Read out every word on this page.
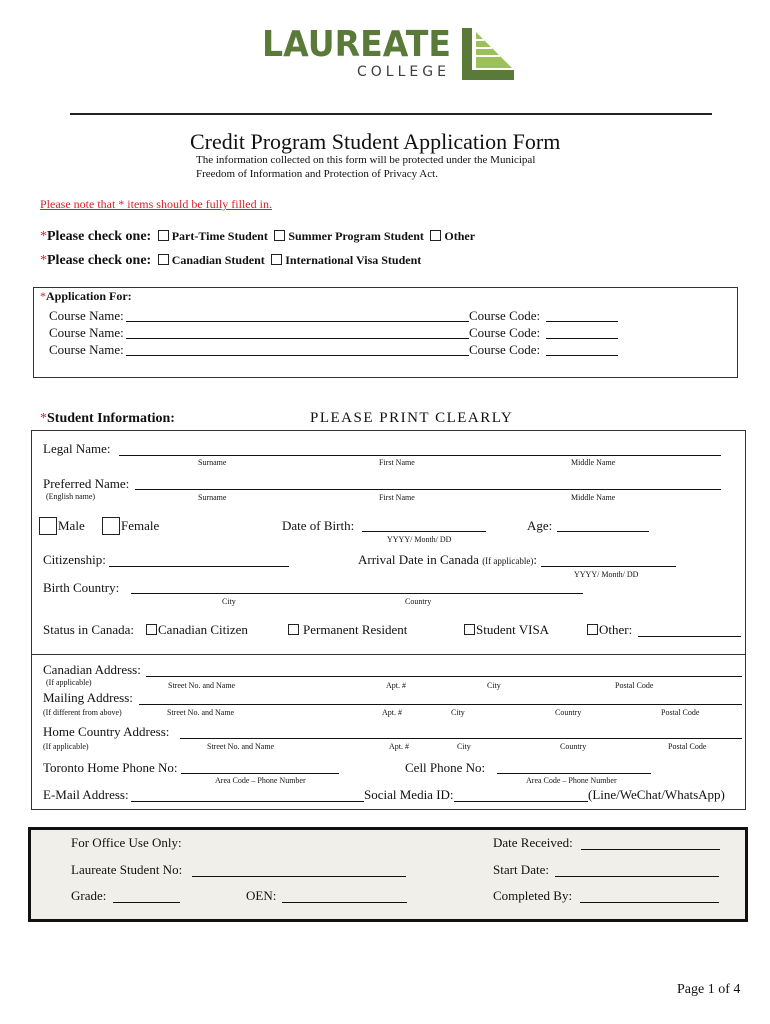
LAUREATE
COLLEGE
Credit Program Student Application Form
The information collected on this form will be protected under the Municipal
Freedom of Information and Protection of Privacy Act.
Please note that * items should be fully filled in.
*Please check one: Part-Time Student Summer Program Student Other
*Please check one: Canadian Student International Visa Student
*Application For:
Course Name:	Course Code:
Course Name:	Course Code:
Course Name:	Course Code:
*Student Information:	PLEASE PRINT CLEARLY
Legal Name:
Surname	First Name	Middle Name
Preferred Name:
(English name)	Surname	First Name	Middle Name
Male	Female	Date of Birth:
YYYY/ Month/ DD
Age:
Citizenship:	Arrival Date in Canada (If applicable):
YYYY/ Month/ DD
Birth Country:
City	Country
Status in Canada:	Canadian Citizen	Permanent Resident	Student VISA	Other:
Canadian Address:
(If applicable)	Street No. and Name	Apt. #	City	Postal Code
Mailing Address:
(If different from above)	Street No. and Name	Apt. #	City	Country	Postal Code
Home Country Address:
(If applicable)	Street No. and Name	Apt. #	City	Country	Postal Code
Toronto Home Phone No:
Area Code – Phone Number
Cell Phone No:
Area Code – Phone Number
E-Mail Address:	Social Media ID:	(Line/WeChat/WhatsApp)
For Office Use Only:	Date Received:
Laureate Student No:	Start Date:
Grade:	OEN:	Completed By:
Page 1 of 4
